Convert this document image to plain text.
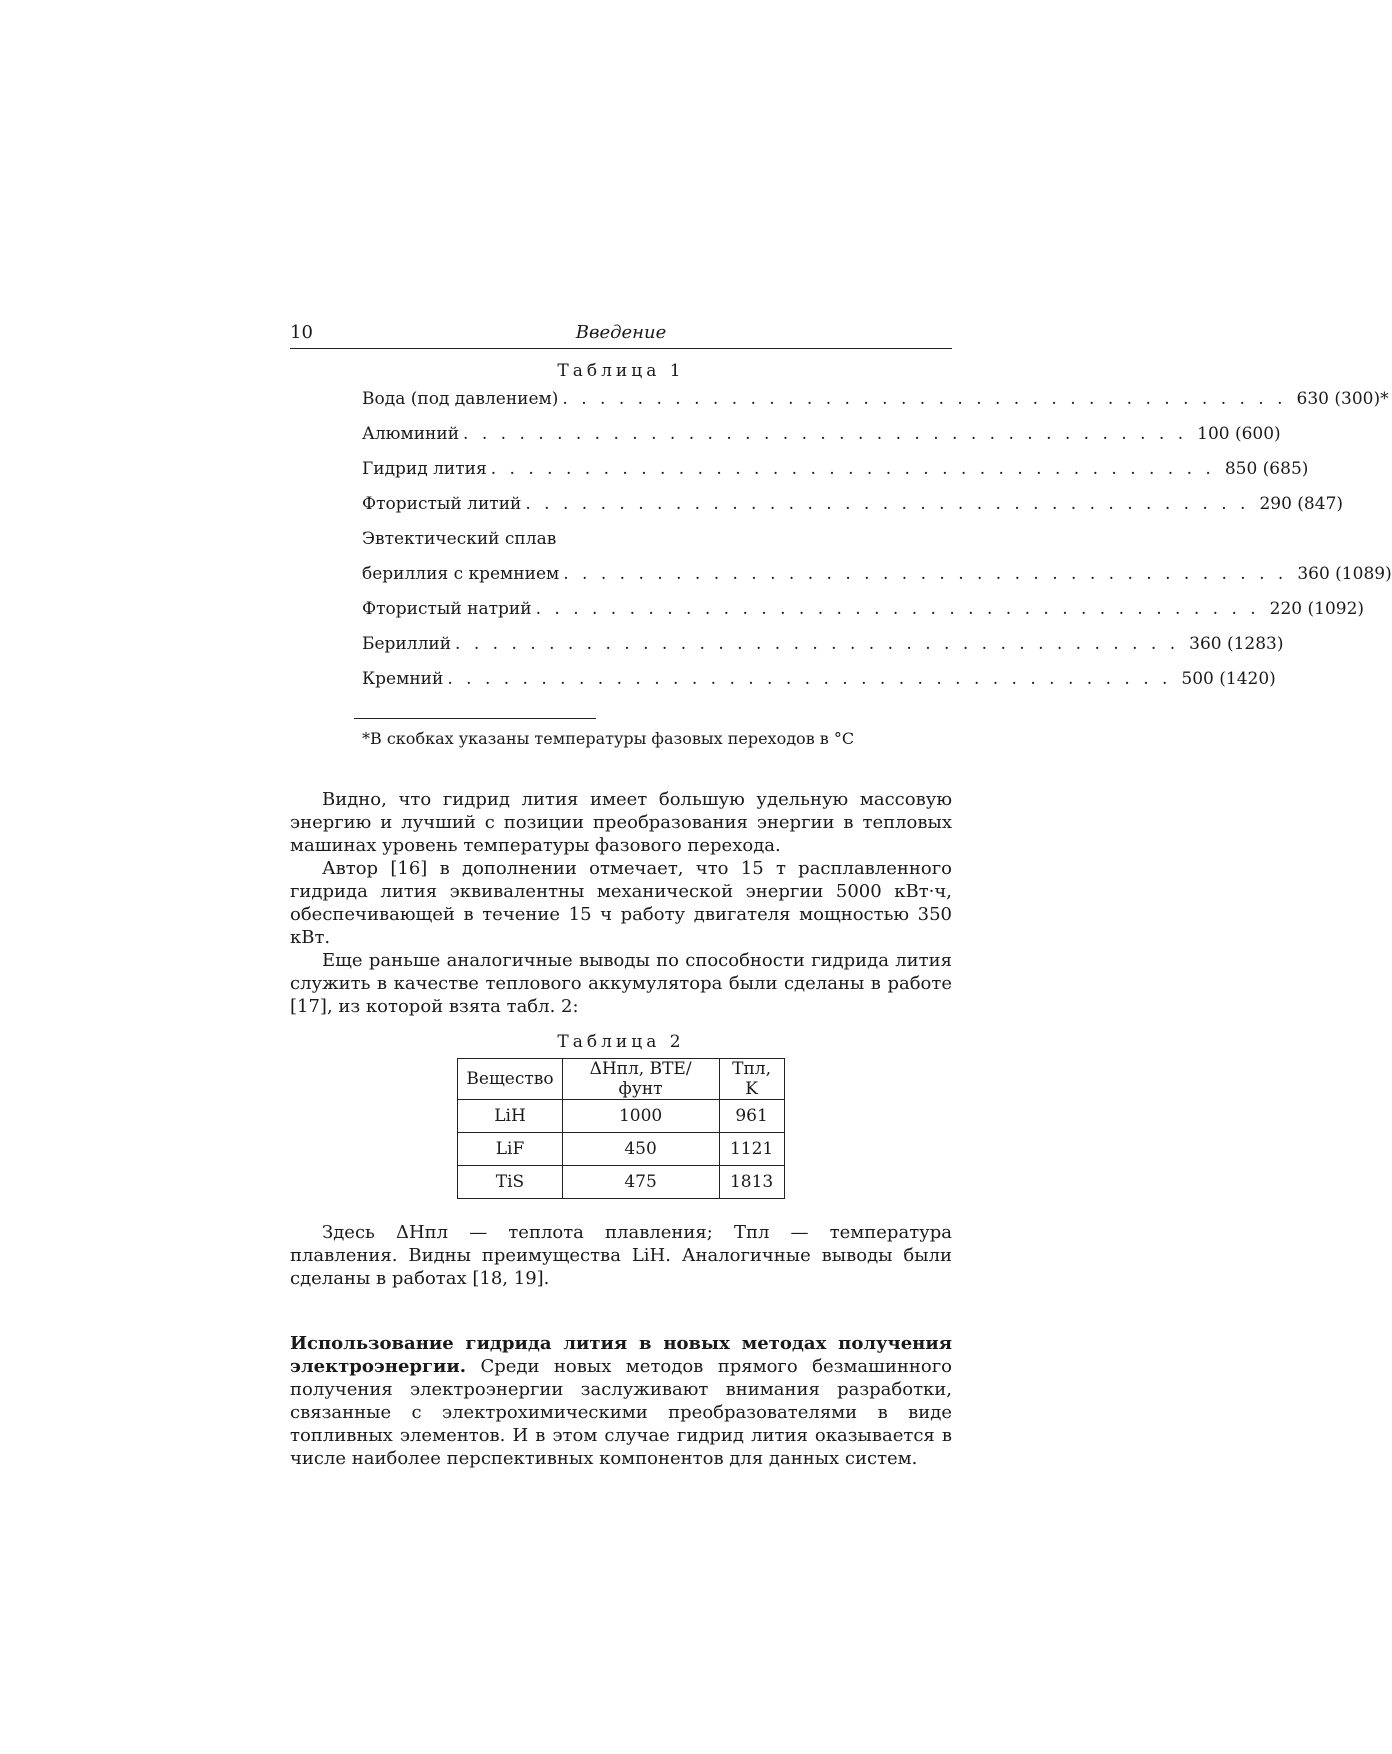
10	Введение
Таблица 1
Вода (под давлением) . . . . . . . . . . . . . . . . . . . . . . . . . . . . . . . . . . . . . . . 630 (300)*
Алюминий . . . . . . . . . . . . . . . . . . . . . . . . . . . . . . . . . . . . . . . 100 (600)
Гидрид лития . . . . . . . . . . . . . . . . . . . . . . . . . . . . . . . . . . . . . . . 850 (685)
Фтористый литий . . . . . . . . . . . . . . . . . . . . . . . . . . . . . . . . . . . . . . . 290 (847)
Эвтектический сплав
бериллия с кремнием . . . . . . . . . . . . . . . . . . . . . . . . . . . . . . . . . . . . . . . 360 (1089)
Фтористый натрий . . . . . . . . . . . . . . . . . . . . . . . . . . . . . . . . . . . . . . . 220 (1092)
Бериллий . . . . . . . . . . . . . . . . . . . . . . . . . . . . . . . . . . . . . . . 360 (1283)
Кремний . . . . . . . . . . . . . . . . . . . . . . . . . . . . . . . . . . . . . . . 500 (1420)
*В скобках указаны температуры фазовых переходов в °С

Видно, что гидрид лития имеет большую удельную массовую энергию и лучший с позиции преобразования энергии в тепловых машинах уровень температуры фазового перехода.

Автор [16] в дополнении отмечает, что 15 т расплавленного гидрида лития эквивалентны механической энергии 5000 кВт·ч, обеспечивающей в течение 15 ч работу двигателя мощностью 350 кВт.

Еще раньше аналогичные выводы по способности гидрида лития служить в качестве теплового аккумулятора были сделаны в работе [17], из которой взята табл. 2:

Таблица 2
Вещество	ΔHпл, BTE/фунт	Tпл, K
LiH	1000	961
LiF	450	1121
TiS	475	1813

Здесь ΔHпл — теплота плавления; Tпл — температура плавления. Видны преимущества LiH. Аналогичные выводы были сделаны в работах [18, 19].

Использование гидрида лития в новых методах получения электроэнергии. Среди новых методов прямого безмашинного получения электроэнергии заслуживают внимания разработки, связанные с электрохимическими преобразователями в виде топливных элементов. И в этом случае гидрид лития оказывается в числе наиболее перспективных компонентов для данных систем.
